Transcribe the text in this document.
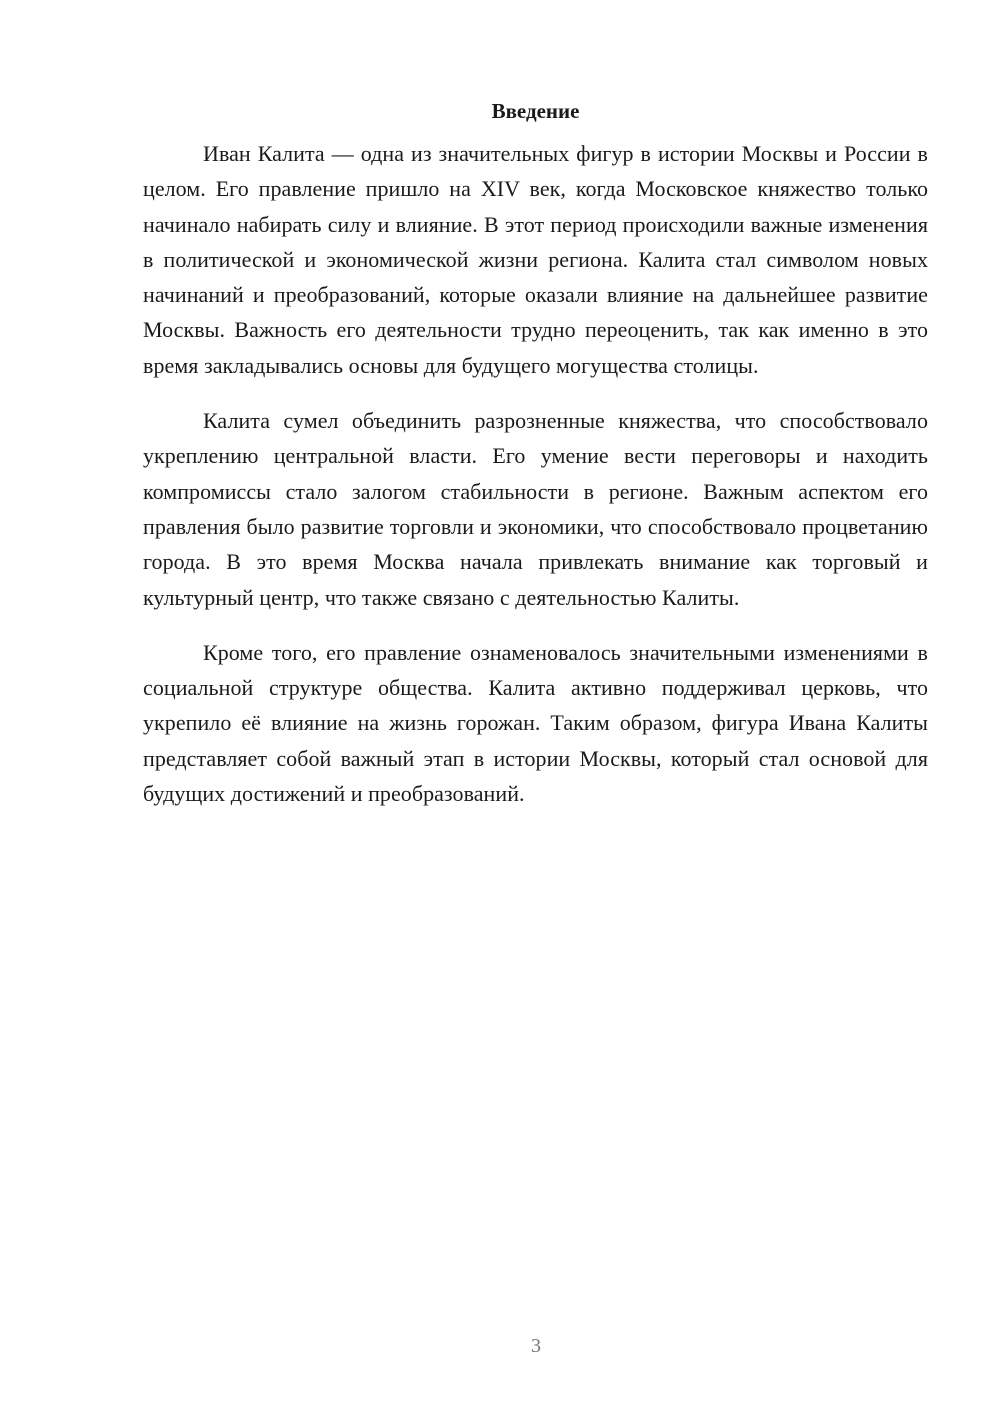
Введение

Иван Калита — одна из значительных фигур в истории Москвы и России в целом. Его правление пришло на XIV век, когда Московское княжество только начинало набирать силу и влияние. В этот период происходили важные изменения в политической и экономической жизни региона. Калита стал символом новых начинаний и преобразований, которые оказали влияние на дальнейшее развитие Москвы. Важность его деятельности трудно переоценить, так как именно в это время закладывались основы для будущего могущества столицы.

Калита сумел объединить разрозненные княжества, что способствовало укреплению центральной власти. Его умение вести переговоры и находить компромиссы стало залогом стабильности в регионе. Важным аспектом его правления было развитие торговли и экономики, что способствовало процветанию города. В это время Москва начала привлекать внимание как торговый и культурный центр, что также связано с деятельностью Калиты.

Кроме того, его правление ознаменовалось значительными изменениями в социальной структуре общества. Калита активно поддерживал церковь, что укрепило её влияние на жизнь горожан. Таким образом, фигура Ивана Калиты представляет собой важный этап в истории Москвы, который стал основой для будущих достижений и преобразований.

3
